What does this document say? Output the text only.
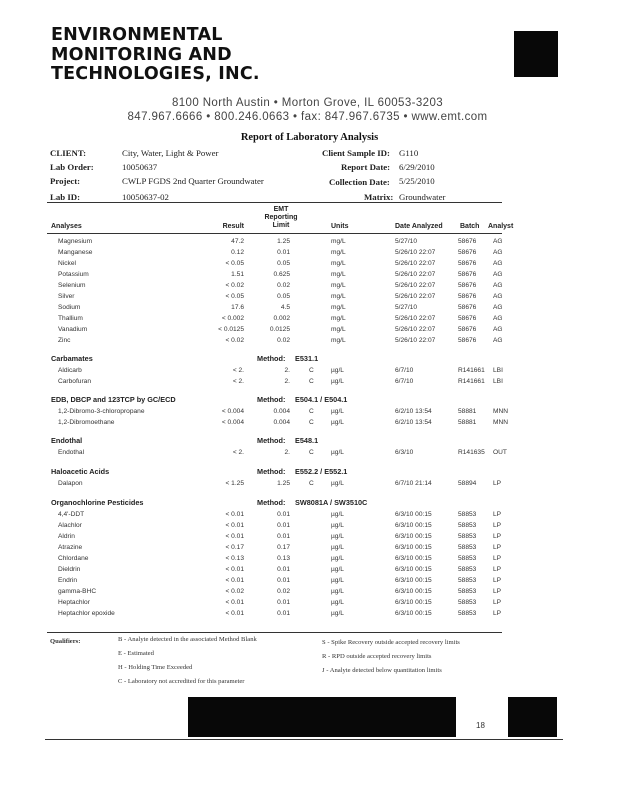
ENVIRONMENTAL
MONITORING AND
TECHNOLOGIES, INC.
8100 North Austin • Morton Grove, IL 60053-3203
847.967.6666 • 800.246.0663 • fax: 847.967.6735 • www.emt.com
Report of Laboratory Analysis
CLIENT:	City, Water, Light & Power	Client Sample ID: G110
Lab Order:	10050637	Report Date: 6/29/2010
Project:	CWLP FGDS 2nd Quarter Groundwater	Collection Date: 5/25/2010
Lab ID:	10050637-02	Matrix: Groundwater
Analyses	Result
EMT
Reporting
Limit	Units	Date Analyzed Batch Analyst
Magnesium	47.2	1.25	mg/L	5/27/10	58676	AG
Manganese	0.12	0.01	mg/L	5/26/10 22:07	58676	AG
Nickel	< 0.05	0.05	mg/L	5/26/10 22:07	58676	AG
Potassium	1.51	0.625	mg/L	5/26/10 22:07	58676	AG
Selenium	< 0.02	0.02	mg/L	5/26/10 22:07	58676	AG
Silver	< 0.05	0.05	mg/L	5/26/10 22:07	58676	AG
Sodium	17.6	4.5	mg/L	5/27/10	58676	AG
Thallium	< 0.002	0.002	mg/L	5/26/10 22:07	58676	AG
Vanadium	< 0.0125	0.0125	mg/L	5/26/10 22:07	58676	AG
Zinc	< 0.02	0.02	mg/L	5/26/10 22:07	58676	AG
Carbamates	Method: E531.1
Aldicarb	< 2.	2.	C	µg/L	6/7/10	R141661 LBI
Carbofuran	< 2.	2.	C	µg/L	6/7/10	R141661 LBI
EDB, DBCP and 123TCP by GC/ECD	Method: E504.1 / E504.1
1,2-Dibromo-3-chloropropane	< 0.004	0.004	C	µg/L	6/2/10 13:54	58881	MNN
1,2-Dibromoethane	< 0.004	0.004	C	µg/L	6/2/10 13:54	58881	MNN
Endothal	Method: E548.1
Endothal	< 2.	2.	C	µg/L	6/3/10	R141635 OUT
Haloacetic Acids	Method: E552.2 / E552.1
Dalapon	< 1.25	1.25	C	µg/L	6/7/10 21:14	58894	LP
Organochlorine Pesticides	Method: SW8081A / SW3510C
4,4'-DDT	< 0.01	0.01	µg/L	6/3/10 00:15	58853	LP
Alachlor	< 0.01	0.01	µg/L	6/3/10 00:15	58853	LP
Aldrin	< 0.01	0.01	µg/L	6/3/10 00:15	58853	LP
Atrazine	< 0.17	0.17	µg/L	6/3/10 00:15	58853	LP
Chlordane	< 0.13	0.13	µg/L	6/3/10 00:15	58853	LP
Dieldrin	< 0.01	0.01	µg/L	6/3/10 00:15	58853	LP
Endrin	< 0.01	0.01	µg/L	6/3/10 00:15	58853	LP
gamma-BHC	< 0.02	0.02	µg/L	6/3/10 00:15	58853	LP
Heptachlor	< 0.01	0.01	µg/L	6/3/10 00:15	58853	LP
Heptachlor epoxide	< 0.01	0.01	µg/L	6/3/10 00:15	58853	LP
Qualifiers:	B - Analyte detected in the associated Method Blank	S - Spike Recovery outside accepted recovery limits
E - Estimated	R - RPD outside accepted recovery limits
H - Holding Time Exceeded	J - Analyte detected below quantitation limits
C - Laboratory not accredited for this parameter
18
